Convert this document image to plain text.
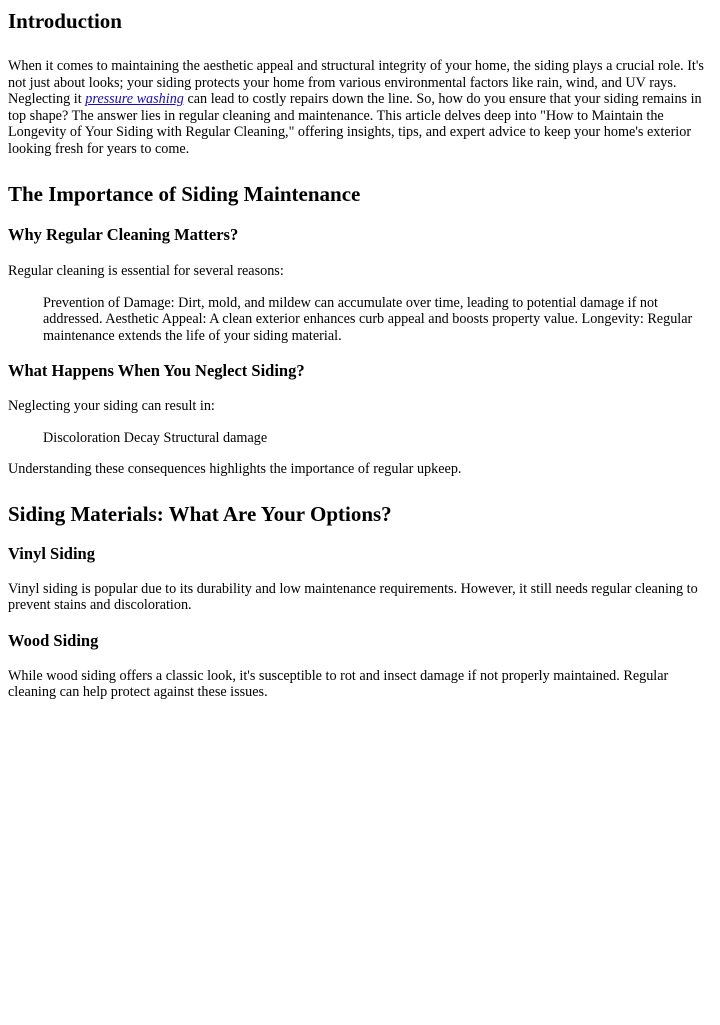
Introduction

When it comes to maintaining the aesthetic appeal and structural integrity of your home, the siding plays a crucial role. It's not just about looks; your siding protects your home from various environmental factors like rain, wind, and UV rays. Neglecting it pressure washing can lead to costly repairs down the line. So, how do you ensure that your siding remains in top shape? The answer lies in regular cleaning and maintenance. This article delves deep into "How to Maintain the Longevity of Your Siding with Regular Cleaning," offering insights, tips, and expert advice to keep your home's exterior looking fresh for years to come.

The Importance of Siding Maintenance
Why Regular Cleaning Matters?

Regular cleaning is essential for several reasons:

Prevention of Damage: Dirt, mold, and mildew can accumulate over time, leading to potential damage if not addressed. Aesthetic Appeal: A clean exterior enhances curb appeal and boosts property value. Longevity: Regular maintenance extends the life of your siding material.
What Happens When You Neglect Siding?

Neglecting your siding can result in:

Discoloration Decay Structural damage

Understanding these consequences highlights the importance of regular upkeep.

Siding Materials: What Are Your Options?
Vinyl Siding

Vinyl siding is popular due to its durability and low maintenance requirements. However, it still needs regular cleaning to prevent stains and discoloration.

Wood Siding

While wood siding offers a classic look, it's susceptible to rot and insect damage if not properly maintained. Regular cleaning can help protect against these issues.
